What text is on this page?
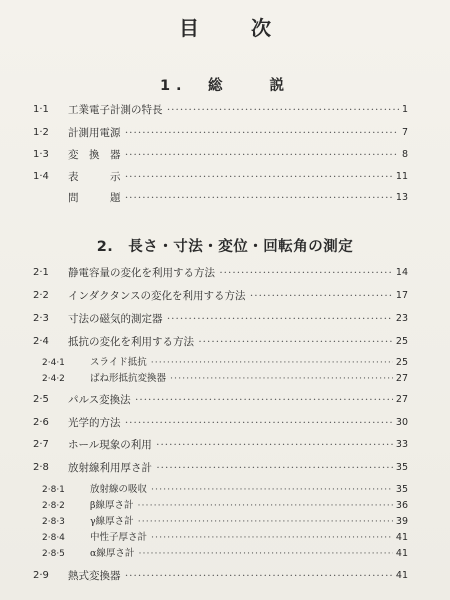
目次
1.　総　　説
1·1 工業電子計測の特長 ·····	1
1·2 計測用電源 ·····	7
1·3 変　換　器 ·····	8
1·4 表　　　示 ·····	11
問　　　題 ·····	13
2.　長さ・寸法・変位・回転角の測定
2·1 静電容量の変化を利用する方法 ·····	14
2·2 インダクタンスの変化を利用する方法 ·····	17
2·3 寸法の磁気的測定器 ·····	23
2·4 抵抗の変化を利用する方法 ·····	25
2·4·1	スライド抵抗 ·····	25
2·4·2	ばね形抵抗変換器 ·····	27
2·5 パルス変換法 ·····	27
2·6 光学的方法 ·····	30
2·7 ホール現象の利用 ·····	33
2·8 放射線利用厚さ計 ·····	35
2·8·1	放射線の吸収 ·····	35
2·8·2	β線厚さ計 ·····	36
2·8·3	γ線厚さ計 ·····	39
2·8·4	中性子厚さ計 ·····	41
2·8·5	α線厚さ計 ·····	41
2·9 熱式変換器 ·····	41
